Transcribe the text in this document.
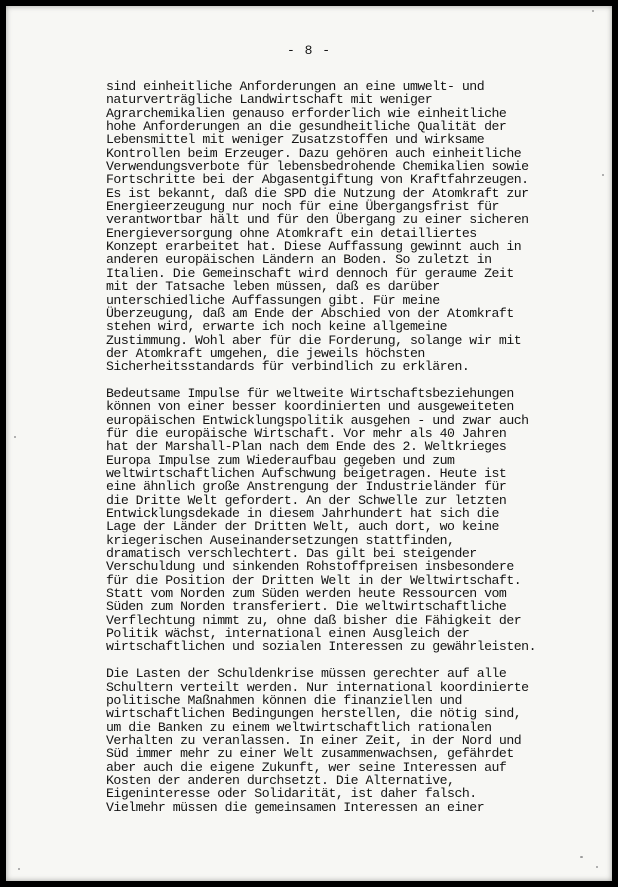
- 8 -
sind einheitliche Anforderungen an eine umwelt- und
naturverträgliche Landwirtschaft mit weniger
Agrarchemikalien genauso erforderlich wie einheitliche
hohe Anforderungen an die gesundheitliche Qualität der
Lebensmittel mit weniger Zusatzstoffen und wirksame
Kontrollen beim Erzeuger. Dazu gehören auch einheitliche
Verwendungsverbote für lebensbedrohende Chemikalien sowie
Fortschritte bei der Abgasentgiftung von Kraftfahrzeugen.
Es ist bekannt, daß die SPD die Nutzung der Atomkraft zur
Energieerzeugung nur noch für eine Übergangsfrist für
verantwortbar hält und für den Übergang zu einer sicheren
Energieversorgung ohne Atomkraft ein detailliertes
Konzept erarbeitet hat. Diese Auffassung gewinnt auch in
anderen europäischen Ländern an Boden. So zuletzt in
Italien. Die Gemeinschaft wird dennoch für geraume Zeit
mit der Tatsache leben müssen, daß es darüber
unterschiedliche Auffassungen gibt. Für meine
Überzeugung, daß am Ende der Abschied von der Atomkraft
stehen wird, erwarte ich noch keine allgemeine
Zustimmung. Wohl aber für die Forderung, solange wir mit
der Atomkraft umgehen, die jeweils höchsten
Sicherheitsstandards für verbindlich zu erklären.
Bedeutsame Impulse für weltweite Wirtschaftsbeziehungen
können von einer besser koordinierten und ausgeweiteten
europäischen Entwicklungspolitik ausgehen - und zwar auch
für die europäische Wirtschaft. Vor mehr als 40 Jahren
hat der Marshall-Plan nach dem Ende des 2. Weltkrieges
Europa Impulse zum Wiederaufbau gegeben und zum
weltwirtschaftlichen Aufschwung beigetragen. Heute ist
eine ähnlich große Anstrengung der Industrieländer für
die Dritte Welt gefordert. An der Schwelle zur letzten
Entwicklungsdekade in diesem Jahrhundert hat sich die
Lage der Länder der Dritten Welt, auch dort, wo keine
kriegerischen Auseinandersetzungen stattfinden,
dramatisch verschlechtert. Das gilt bei steigender
Verschuldung und sinkenden Rohstoffpreisen insbesondere
für die Position der Dritten Welt in der Weltwirtschaft.
Statt vom Norden zum Süden werden heute Ressourcen vom
Süden zum Norden transferiert. Die weltwirtschaftliche
Verflechtung nimmt zu, ohne daß bisher die Fähigkeit der
Politik wächst, international einen Ausgleich der
wirtschaftlichen und sozialen Interessen zu gewährleisten.
Die Lasten der Schuldenkrise müssen gerechter auf alle
Schultern verteilt werden. Nur international koordinierte
politische Maßnahmen können die finanziellen und
wirtschaftlichen Bedingungen herstellen, die nötig sind,
um die Banken zu einem weltwirtschaftlich rationalen
Verhalten zu veranlassen. In einer Zeit, in der Nord und
Süd immer mehr zu einer Welt zusammenwachsen, gefährdet
aber auch die eigene Zukunft, wer seine Interessen auf
Kosten der anderen durchsetzt. Die Alternative,
Eigeninteresse oder Solidarität, ist daher falsch.
Vielmehr müssen die gemeinsamen Interessen an einer
